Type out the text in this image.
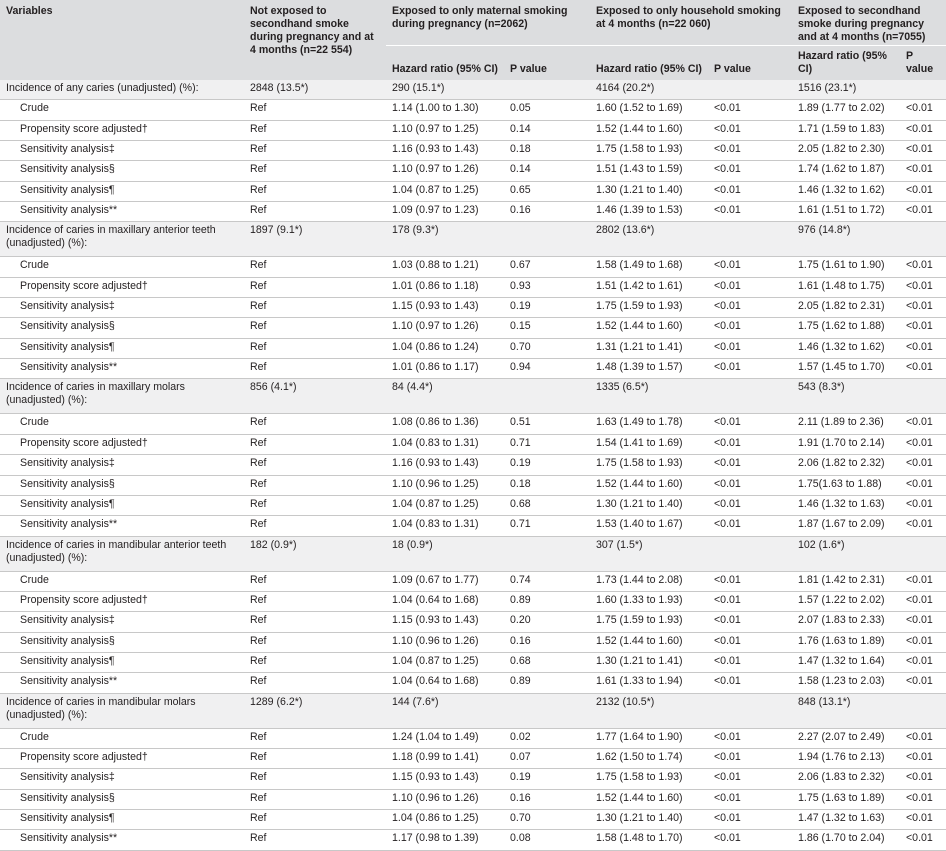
Variables	Not exposed to secondhand smoke during pregnancy and at 4 months (n=22 554)	Exposed to only maternal smoking during pregnancy (n=2062)		Exposed to only household smoking at 4 months (n=22 060)		Exposed to secondhand smoke during pregnancy and at 4 months (n=7055)	
		Hazard ratio (95% CI)	P value	Hazard ratio (95% CI)	P value	Hazard ratio (95% CI)	P value
Incidence of any caries (unadjusted) (%):	2848 (13.5*)	290 (15.1*)		4164 (20.2*)		1516 (23.1*)	
Crude	Ref	1.14 (1.00 to 1.30)	0.05	1.60 (1.52 to 1.69)	<0.01	1.89 (1.77 to 2.02)	<0.01
Propensity score adjusted†	Ref	1.10 (0.97 to 1.25)	0.14	1.52 (1.44 to 1.60)	<0.01	1.71 (1.59 to 1.83)	<0.01
Sensitivity analysis‡	Ref	1.16 (0.93 to 1.43)	0.18	1.75 (1.58 to 1.93)	<0.01	2.05 (1.82 to 2.30)	<0.01
Sensitivity analysis§	Ref	1.10 (0.97 to 1.26)	0.14	1.51 (1.43 to 1.59)	<0.01	1.74 (1.62 to 1.87)	<0.01
Sensitivity analysis¶	Ref	1.04 (0.87 to 1.25)	0.65	1.30 (1.21 to 1.40)	<0.01	1.46 (1.32 to 1.62)	<0.01
Sensitivity analysis**	Ref	1.09 (0.97 to 1.23)	0.16	1.46 (1.39 to 1.53)	<0.01	1.61 (1.51 to 1.72)	<0.01
Incidence of caries in maxillary anterior teeth (unadjusted) (%):	1897 (9.1*)	178 (9.3*)		2802 (13.6*)		976 (14.8*)	
Crude	Ref	1.03 (0.88 to 1.21)	0.67	1.58 (1.49 to 1.68)	<0.01	1.75 (1.61 to 1.90)	<0.01
Propensity score adjusted†	Ref	1.01 (0.86 to 1.18)	0.93	1.51 (1.42 to 1.61)	<0.01	1.61 (1.48 to 1.75)	<0.01
Sensitivity analysis‡	Ref	1.15 (0.93 to 1.43)	0.19	1.75 (1.59 to 1.93)	<0.01	2.05 (1.82 to 2.31)	<0.01
Sensitivity analysis§	Ref	1.10 (0.97 to 1.26)	0.15	1.52 (1.44 to 1.60)	<0.01	1.75 (1.62 to 1.88)	<0.01
Sensitivity analysis¶	Ref	1.04 (0.86 to 1.24)	0.70	1.31 (1.21 to 1.41)	<0.01	1.46 (1.32 to 1.62)	<0.01
Sensitivity analysis**	Ref	1.01 (0.86 to 1.17)	0.94	1.48 (1.39 to 1.57)	<0.01	1.57 (1.45 to 1.70)	<0.01
Incidence of caries in maxillary molars (unadjusted) (%):	856 (4.1*)	84 (4.4*)		1335 (6.5*)		543 (8.3*)	
Crude	Ref	1.08 (0.86 to 1.36)	0.51	1.63 (1.49 to 1.78)	<0.01	2.11 (1.89 to 2.36)	<0.01
Propensity score adjusted†	Ref	1.04 (0.83 to 1.31)	0.71	1.54 (1.41 to 1.69)	<0.01	1.91 (1.70 to 2.14)	<0.01
Sensitivity analysis‡	Ref	1.16 (0.93 to 1.43)	0.19	1.75 (1.58 to 1.93)	<0.01	2.06 (1.82 to 2.32)	<0.01
Sensitivity analysis§	Ref	1.10 (0.96 to 1.25)	0.18	1.52 (1.44 to 1.60)	<0.01	1.75(1.63 to 1.88)	<0.01
Sensitivity analysis¶	Ref	1.04 (0.87 to 1.25)	0.68	1.30 (1.21 to 1.40)	<0.01	1.46 (1.32 to 1.63)	<0.01
Sensitivity analysis**	Ref	1.04 (0.83 to 1.31)	0.71	1.53 (1.40 to 1.67)	<0.01	1.87 (1.67 to 2.09)	<0.01
Incidence of caries in mandibular anterior teeth (unadjusted) (%):	182 (0.9*)	18 (0.9*)		307 (1.5*)		102 (1.6*)	
Crude	Ref	1.09 (0.67 to 1.77)	0.74	1.73 (1.44 to 2.08)	<0.01	1.81 (1.42 to 2.31)	<0.01
Propensity score adjusted†	Ref	1.04 (0.64 to 1.68)	0.89	1.60 (1.33 to 1.93)	<0.01	1.57 (1.22 to 2.02)	<0.01
Sensitivity analysis‡	Ref	1.15 (0.93 to 1.43)	0.20	1.75 (1.59 to 1.93)	<0.01	2.07 (1.83 to 2.33)	<0.01
Sensitivity analysis§	Ref	1.10 (0.96 to 1.26)	0.16	1.52 (1.44 to 1.60)	<0.01	1.76 (1.63 to 1.89)	<0.01
Sensitivity analysis¶	Ref	1.04 (0.87 to 1.25)	0.68	1.30 (1.21 to 1.41)	<0.01	1.47 (1.32 to 1.64)	<0.01
Sensitivity analysis**	Ref	1.04 (0.64 to 1.68)	0.89	1.61 (1.33 to 1.94)	<0.01	1.58 (1.23 to 2.03)	<0.01
Incidence of caries in mandibular molars (unadjusted) (%):	1289 (6.2*)	144 (7.6*)		2132 (10.5*)		848 (13.1*)	
Crude	Ref	1.24 (1.04 to 1.49)	0.02	1.77 (1.64 to 1.90)	<0.01	2.27 (2.07 to 2.49)	<0.01
Propensity score adjusted†	Ref	1.18 (0.99 to 1.41)	0.07	1.62 (1.50 to 1.74)	<0.01	1.94 (1.76 to 2.13)	<0.01
Sensitivity analysis‡	Ref	1.15 (0.93 to 1.43)	0.19	1.75 (1.58 to 1.93)	<0.01	2.06 (1.83 to 2.32)	<0.01
Sensitivity analysis§	Ref	1.10 (0.96 to 1.26)	0.16	1.52 (1.44 to 1.60)	<0.01	1.75 (1.63 to 1.89)	<0.01
Sensitivity analysis¶	Ref	1.04 (0.86 to 1.25)	0.70	1.30 (1.21 to 1.40)	<0.01	1.47 (1.32 to 1.63)	<0.01
Sensitivity analysis**	Ref	1.17 (0.98 to 1.39)	0.08	1.58 (1.48 to 1.70)	<0.01	1.86 (1.70 to 2.04)	<0.01
